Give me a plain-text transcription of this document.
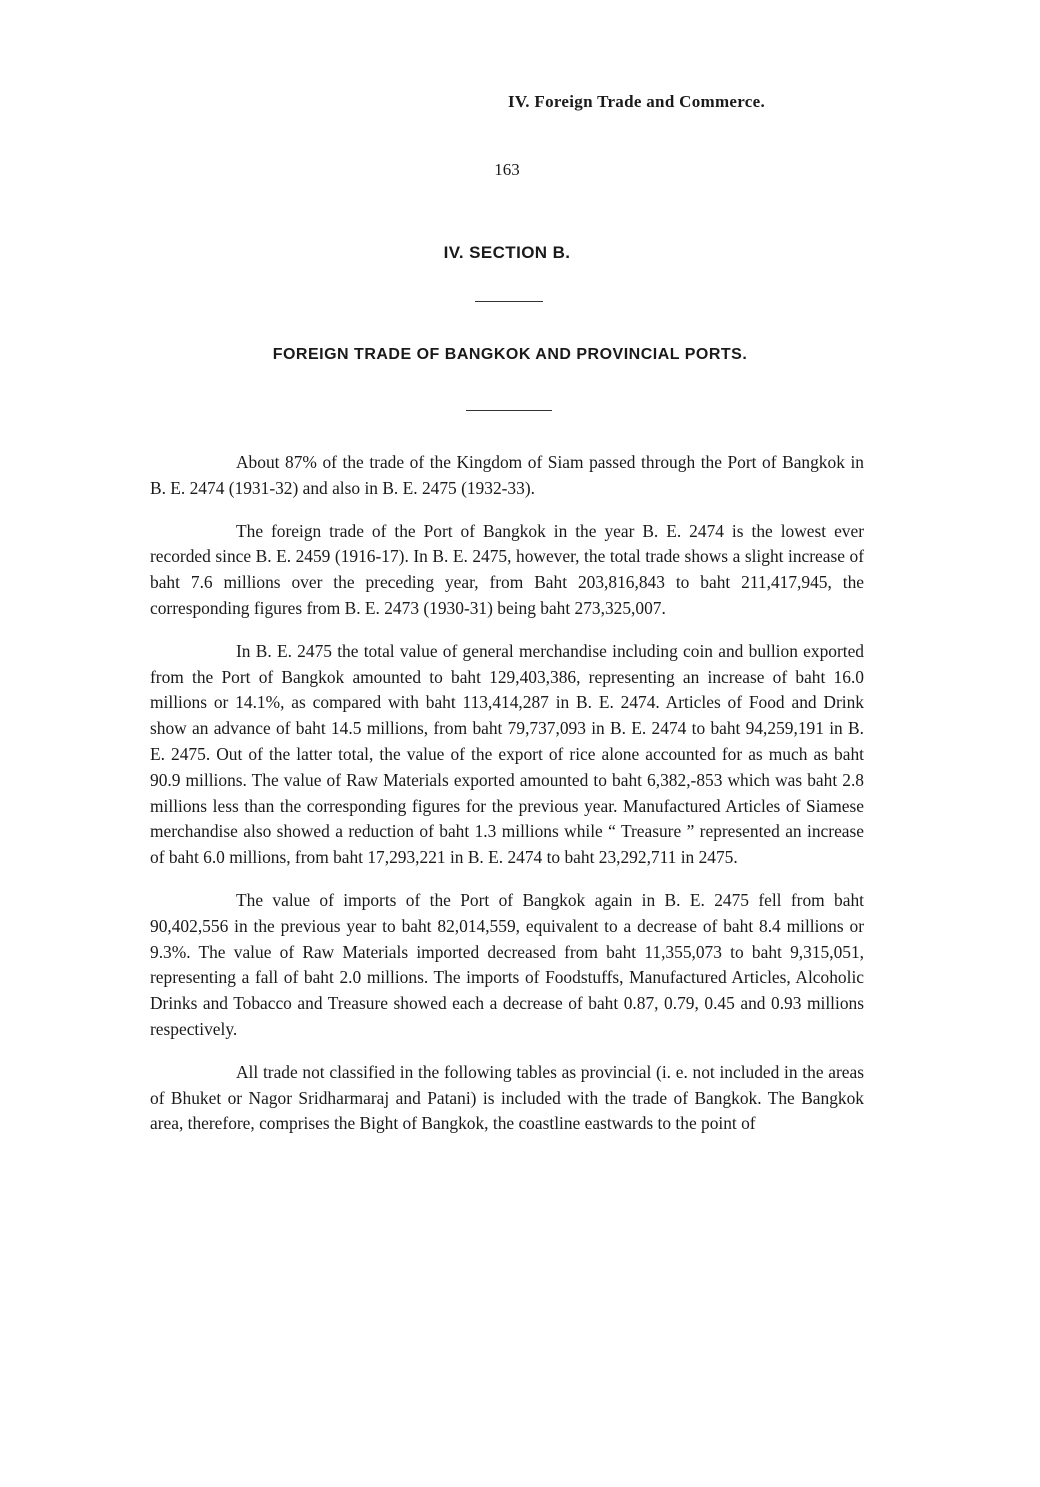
IV. Foreign Trade and Commerce.
163
IV. SECTION B.
FOREIGN TRADE OF BANGKOK AND PROVINCIAL PORTS.

About 87% of the trade of the Kingdom of Siam passed through the Port of Bangkok in B. E. 2474 (1931-32) and also in B. E. 2475 (1932-33).

The foreign trade of the Port of Bangkok in the year B. E. 2474 is the lowest ever recorded since B. E. 2459 (1916-17). In B. E. 2475, however, the total trade shows a slight increase of baht 7.6 millions over the preceding year, from Baht 203,816,843 to baht 211,417,945, the corresponding figures from B. E. 2473 (1930-31) being baht 273,325,007.

In B. E. 2475 the total value of general merchandise including coin and bullion exported from the Port of Bangkok amounted to baht 129,403,386, representing an increase of baht 16.0 millions or 14.1%, as compared with baht 113,414,287 in B. E. 2474. Articles of Food and Drink show an advance of baht 14.5 millions, from baht 79,737,093 in B. E. 2474 to baht 94,259,191 in B. E. 2475. Out of the latter total, the value of the export of rice alone accounted for as much as baht 90.9 millions. The value of Raw Materials exported amounted to baht 6,382,-853 which was baht 2.8 millions less than the corresponding figures for the previous year. Manufactured Articles of Siamese merchandise also showed a reduction of baht 1.3 millions while “ Treasure ” represented an increase of baht 6.0 millions, from baht 17,293,221 in B. E. 2474 to baht 23,292,711 in 2475.

The value of imports of the Port of Bangkok again in B. E. 2475 fell from baht 90,402,556 in the previous year to baht 82,014,559, equivalent to a decrease of baht 8.4 millions or 9.3%. The value of Raw Materials imported decreased from baht 11,355,073 to baht 9,315,051, representing a fall of baht 2.0 millions. The imports of Foodstuffs, Manufactured Articles, Alcoholic Drinks and Tobacco and Treasure showed each a decrease of baht 0.87, 0.79, 0.45 and 0.93 millions respectively.

All trade not classified in the following tables as provincial (i. e. not included in the areas of Bhuket or Nagor Sridharmaraj and Patani) is included with the trade of Bangkok. The Bangkok area, therefore, comprises the Bight of Bangkok, the coastline eastwards to the point of
